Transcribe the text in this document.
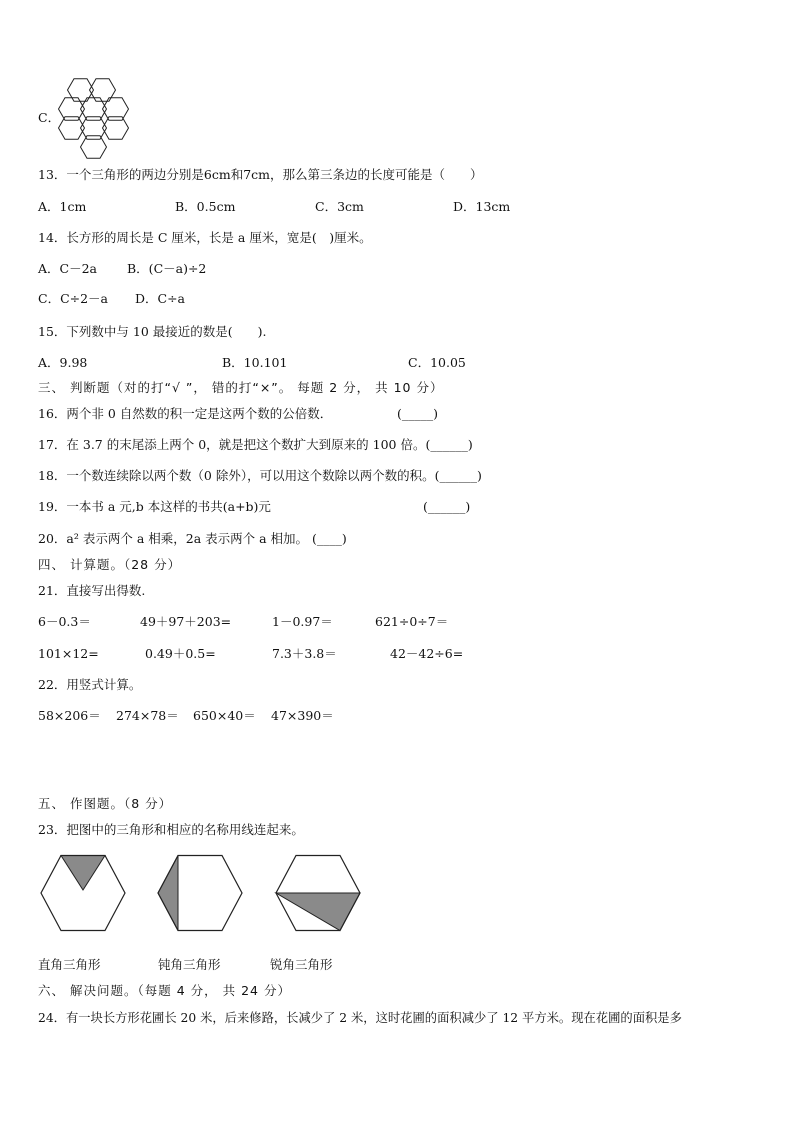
C．
13．一个三角形的两边分别是6cm和7cm，那么第三条边的长度可能是（　　）
A．1cm	B．0.5cm	C．3cm	D．13cm
14．长方形的周长是 C 厘米，长是 a 厘米，宽是(　)厘米。
A．C－2a B．(C－a)÷2
C．C÷2－a D．C÷a
15．下列数中与 10 最接近的数是(　　).
A．9.98	B．10.101	C．10.05
三、 判断题（对的打“√ ”， 错的打“×”。 每题 2 分， 共 10 分）
16．两个非 0 自然数的积一定是这两个数的公倍数．	(_____)
17．在 3.7 的末尾添上两个 0，就是把这个数扩大到原来的 100 倍。(______)
18．一个数连续除以两个数（0 除外），可以用这个数除以两个数的积。(______)
19．一本书 a 元,b 本这样的书共(a+b)元	(______)
20．a² 表示两个 a 相乘，2a 表示两个 a 相加。 (____)
四、 计算题。（28 分）
21．直接写出得数.
6－0.3＝	49＋97＋203=	1－0.97＝	621÷0÷7＝
101×12=	0.49＋0.5=	7.3＋3.8＝	42－42÷6=
22．用竖式计算。
58×206＝ 274×78＝ 650×40＝ 47×390＝
五、 作图题。（8 分）
23．把图中的三角形和相应的名称用线连起来。
直角三角形	钝角三角形	锐角三角形
六、 解决问题。（每题 4 分， 共 24 分）
24．有一块长方形花圃长 20 米，后来修路，长减少了 2 米，这时花圃的面积减少了 12 平方米。现在花圃的面积是多
